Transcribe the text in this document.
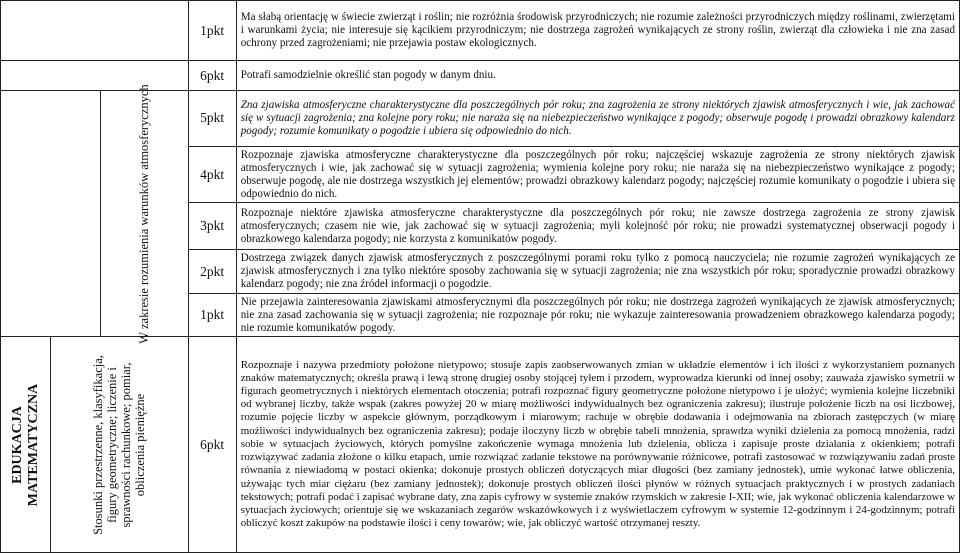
			1pkt	Ma słabą orientację w świecie zwierząt i roślin; nie rozróżnia środowisk przyrodniczych; nie rozumie zależności przyrodniczych między roślinami, zwierzętami i warunkami życia; nie interesuje się kącikiem przyrodniczym; nie dostrzega zagrożeń wynikających ze strony roślin, zwierząt dla człowieka i nie zna zasad ochrony przed zagrożeniami; nie przejawia postaw ekologicznych.
			6pkt	Potrafi samodzielnie określić stan pogody w danym dniu.

		W zakresie rozumienia warunków atmosferycznych	5pkt	Zna zjawiska atmosferyczne charakterystyczne dla poszczególnych pór roku; zna zagrożenia ze strony niektórych zjawisk atmosferycznych i wie, jak zachować się w sytuacji zagrożenia; zna kolejne pory roku; nie naraża się na niebezpieczeństwo wynikające z pogody; obserwuje pogodę i prowadzi obrazkowy kalendarz pogody; rozumie komunikaty o pogodzie i ubiera się odpowiednio do nich.
			4pkt	Rozpoznaje zjawiska atmosferyczne charakterystyczne dla poszczególnych pór roku; najczęściej wskazuje zagrożenia ze strony niektórych zjawisk atmosferycznych i wie, jak zachować się w sytuacji zagrożenia; wymienia kolejne pory roku; nie naraża się na niebezpieczeństwo wynikające z pogody; obserwuje pogodę, ale nie dostrzega wszystkich jej elementów; prowadzi obrazkowy kalendarz pogody; najczęściej rozumie komunikaty o pogodzie i ubiera się odpowiednio do nich.
			3pkt	Rozpoznaje niektóre zjawiska atmosferyczne charakterystyczne dla poszczególnych pór roku; nie zawsze dostrzega zagrożenia ze strony zjawisk atmosferycznych; czasem nie wie, jak zachować się w sytuacji zagrożenia; myli kolejność pór roku; nie prowadzi systematycznej obserwacji pogody i obrazkowego kalendarza pogody; nie korzysta z komunikatów pogody.
			2pkt	Dostrzega związek danych zjawisk atmosferycznych z poszczególnymi porami roku tylko z pomocą nauczyciela; nie rozumie zagrożeń wynikających ze zjawisk atmosferycznych i zna tylko niektóre sposoby zachowania się w sytuacji zagrożenia; nie zna wszystkich pór roku; sporadycznie prowadzi obrazkowy kalendarz pogody; nie zna źródeł informacji o pogodzie.
			1pkt	Nie przejawia zainteresowania zjawiskami atmosferycznymi dla poszczególnych pór roku; nie dostrzega zagrożeń wynikających ze zjawisk atmosferycznych; nie zna zasad zachowania się w sytuacji zagrożenia; nie rozpoznaje pór roku; nie wykazuje zainteresowania prowadzeniem obrazkowego kalendarza pogody; nie rozumie komunikatów pogody.

EDUKACJA MATEMATYCZNA	Stosunki przestrzenne, klasyfikacja, figury geometryczne; liczenie i sprawności rachunkowe; pomiar, obliczenia pieniężne		6pkt	Rozpoznaje i nazywa przedmioty położone nietypowo; stosuje zapis zaobserwowanych zmian w układzie elementów i ich ilości z wykorzystaniem poznanych znaków matematycznych; określa prawą i lewą stronę drugiej osoby stojącej tyłem i przodem, wyprowadza kierunki od innej osoby; zauważa zjawisko symetrii w figurach geometrycznych i niektórych elementach otoczenia; potrafi rozpoznać figury geometryczne położone nietypowo i je ułożyć; wymienia kolejne liczebniki od wybranej liczby, także wspak (zakres powyżej 20 w miarę możliwości indywidualnych bez ograniczenia zakresu); ilustruje położenie liczb na osi liczbowej, rozumie pojęcie liczby w aspekcie głównym, porządkowym i miarowym; rachuje w obrębie dodawania i odejmowania na zbiorach zastępczych (w miarę możliwości indywidualnych bez ograniczenia zakresu); podaje iloczyny liczb w obrębie tabeli mnożenia, sprawdza wyniki dzielenia za pomocą mnożenia, radzi sobie w sytuacjach życiowych, których pomyślne zakończenie wymaga mnożenia lub dzielenia, oblicza i zapisuje proste działania z okienkiem; potrafi rozwiązywać zadania złożone o kilku etapach, umie rozwiązać zadanie tekstowe na porównywanie różnicowe, potrafi zastosować w rozwiązywaniu zadań proste równania z niewiadomą w postaci okienka; dokonuje prostych obliczeń dotyczących miar długości (bez zamiany jednostek), umie wykonać łatwe obliczenia, używając tych miar ciężaru (bez zamiany jednostek); dokonuje prostych obliczeń ilości płynów w różnych sytuacjach praktycznych i w prostych zadaniach tekstowych; potrafi podać i zapisać wybrane daty, zna zapis cyfrowy w systemie znaków rzymskich w zakresie I-XII; wie, jak wykonać obliczenia kalendarzowe w sytuacjach życiowych; orientuje się we wskazaniach zegarów wskazówkowych i z wyświetlaczem cyfrowym w systemie 12-godzinnym i 24-godzinnym; potrafi obliczyć koszt zakupów na podstawie ilości i ceny towarów; wie, jak obliczyć wartość otrzymanej reszty.
